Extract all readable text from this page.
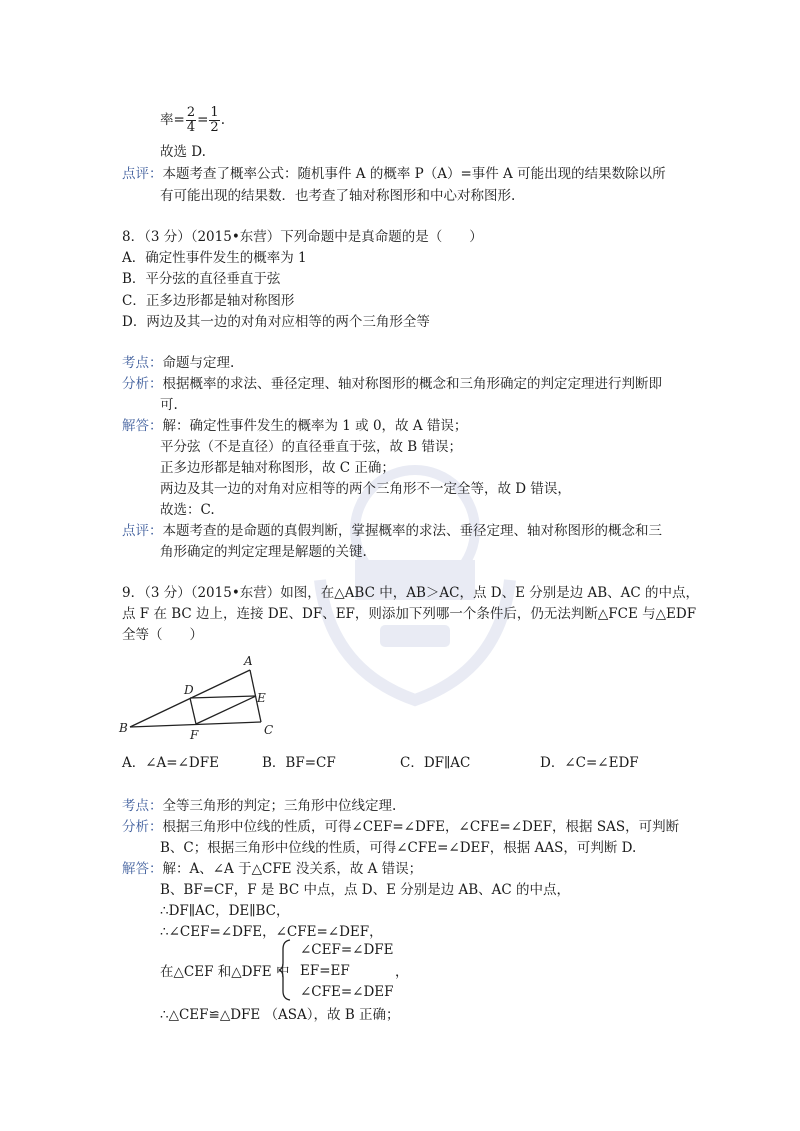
率= $\frac{2}{4} = \frac{1}{2}$ .
故选 D.
点评：本题考查了概率公式：随机事件 A 的概率 P（A）=事件 A 可能出现的结果数除以所
有可能出现的结果数．也考查了轴对称图形和中心对称图形.
8．（3 分）（2015•东营）下列命题中是真命题的是（　　）
A．确定性事件发生的概率为 1
B．平分弦的直径垂直于弦
C．正多边形都是轴对称图形
D．两边及其一边的对角对应相等的两个三角形全等
考点：命题与定理.
分析：根据概率的求法、垂径定理、轴对称图形的概念和三角形确定的判定定理进行判断即
可.
解答：解：确定性事件发生的概率为 1 或 0，故 A 错误；
平分弦（不是直径）的直径垂直于弦，故 B 错误；
正多边形都是轴对称图形，故 C 正确；
两边及其一边的对角对应相等的两个三角形不一定全等，故 D 错误，
故选：C.
点评：本题考查的是命题的真假判断，掌握概率的求法、垂径定理、轴对称图形的概念和三
角形确定的判定定理是解题的关键.
9．（3 分）（2015•东营）如图，在△ABC 中，AB＞AC，点 D、E 分别是边 AB、AC 的中点，
点 F 在 BC 边上，连接 DE、DF、EF，则添加下列哪一个条件后，仍无法判断△FCE 与△EDF
全等（　　）
A
B	C
D
E
F
A．∠A=∠DFE	B．BF=CF	C．DF∥AC	D．∠C=∠EDF
考点：全等三角形的判定；三角形中位线定理.
分析：根据三角形中位线的性质，可得∠CEF=∠DFE，∠CFE=∠DEF，根据 SAS，可判断
B、C；根据三角形中位线的性质，可得∠CFE=∠DEF，根据 AAS，可判断 D.
解答：解：A、∠A 于△CFE 没关系，故 A 错误；
B、BF=CF，F 是 BC 中点，点 D、E 分别是边 AB、AC 的中点，
∴DF∥AC，DE∥BC，
∴∠CEF=∠DFE，∠CFE=∠DEF，
在△CEF 和△DFE 中
∠CEF=∠DFE
EF=EF
∠CFE=∠DEF
，
∴△CEF≌△DFE （ASA），故 B 正确；
